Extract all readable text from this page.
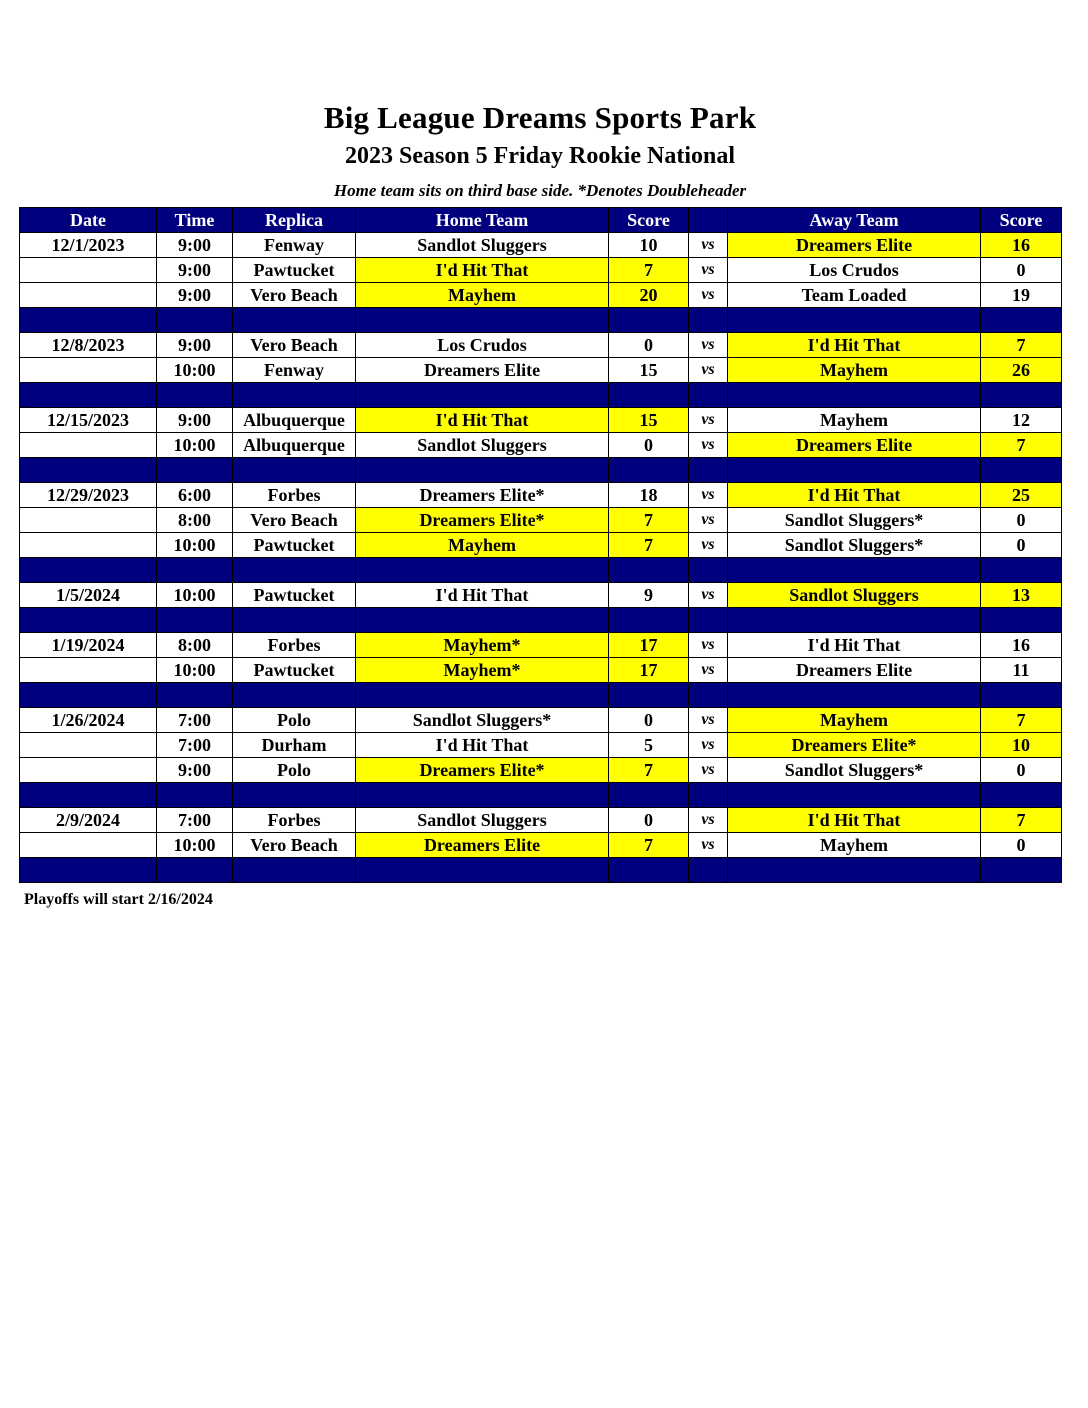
Big League Dreams Sports Park
2023 Season 5 Friday Rookie National
Home team sits on third base side. *Denotes Doubleheader
Date	Time	Replica	Home Team	Score		Away Team	Score
12/1/2023	9:00	Fenway	Sandlot Sluggers	10	vs	Dreamers Elite	16
	9:00	Pawtucket	I'd Hit That	7	vs	Los Crudos	0
	9:00	Vero Beach	Mayhem	20	vs	Team Loaded	19

12/8/2023	9:00	Vero Beach	Los Crudos	0	vs	I'd Hit That	7
	10:00	Fenway	Dreamers Elite	15	vs	Mayhem	26

12/15/2023	9:00	Albuquerque	I'd Hit That	15	vs	Mayhem	12
	10:00	Albuquerque	Sandlot Sluggers	0	vs	Dreamers Elite	7

12/29/2023	6:00	Forbes	Dreamers Elite*	18	vs	I'd Hit That	25
	8:00	Vero Beach	Dreamers Elite*	7	vs	Sandlot Sluggers*	0
	10:00	Pawtucket	Mayhem	7	vs	Sandlot Sluggers*	0

1/5/2024	10:00	Pawtucket	I'd Hit That	9	vs	Sandlot Sluggers	13

1/19/2024	8:00	Forbes	Mayhem*	17	vs	I'd Hit That	16
	10:00	Pawtucket	Mayhem*	17	vs	Dreamers Elite	11

1/26/2024	7:00	Polo	Sandlot Sluggers*	0	vs	Mayhem	7
	7:00	Durham	I'd Hit That	5	vs	Dreamers Elite*	10
	9:00	Polo	Dreamers Elite*	7	vs	Sandlot Sluggers*	0

2/9/2024	7:00	Forbes	Sandlot Sluggers	0	vs	I'd Hit That	7
	10:00	Vero Beach	Dreamers Elite	7	vs	Mayhem	0

Playoffs will start 2/16/2024
